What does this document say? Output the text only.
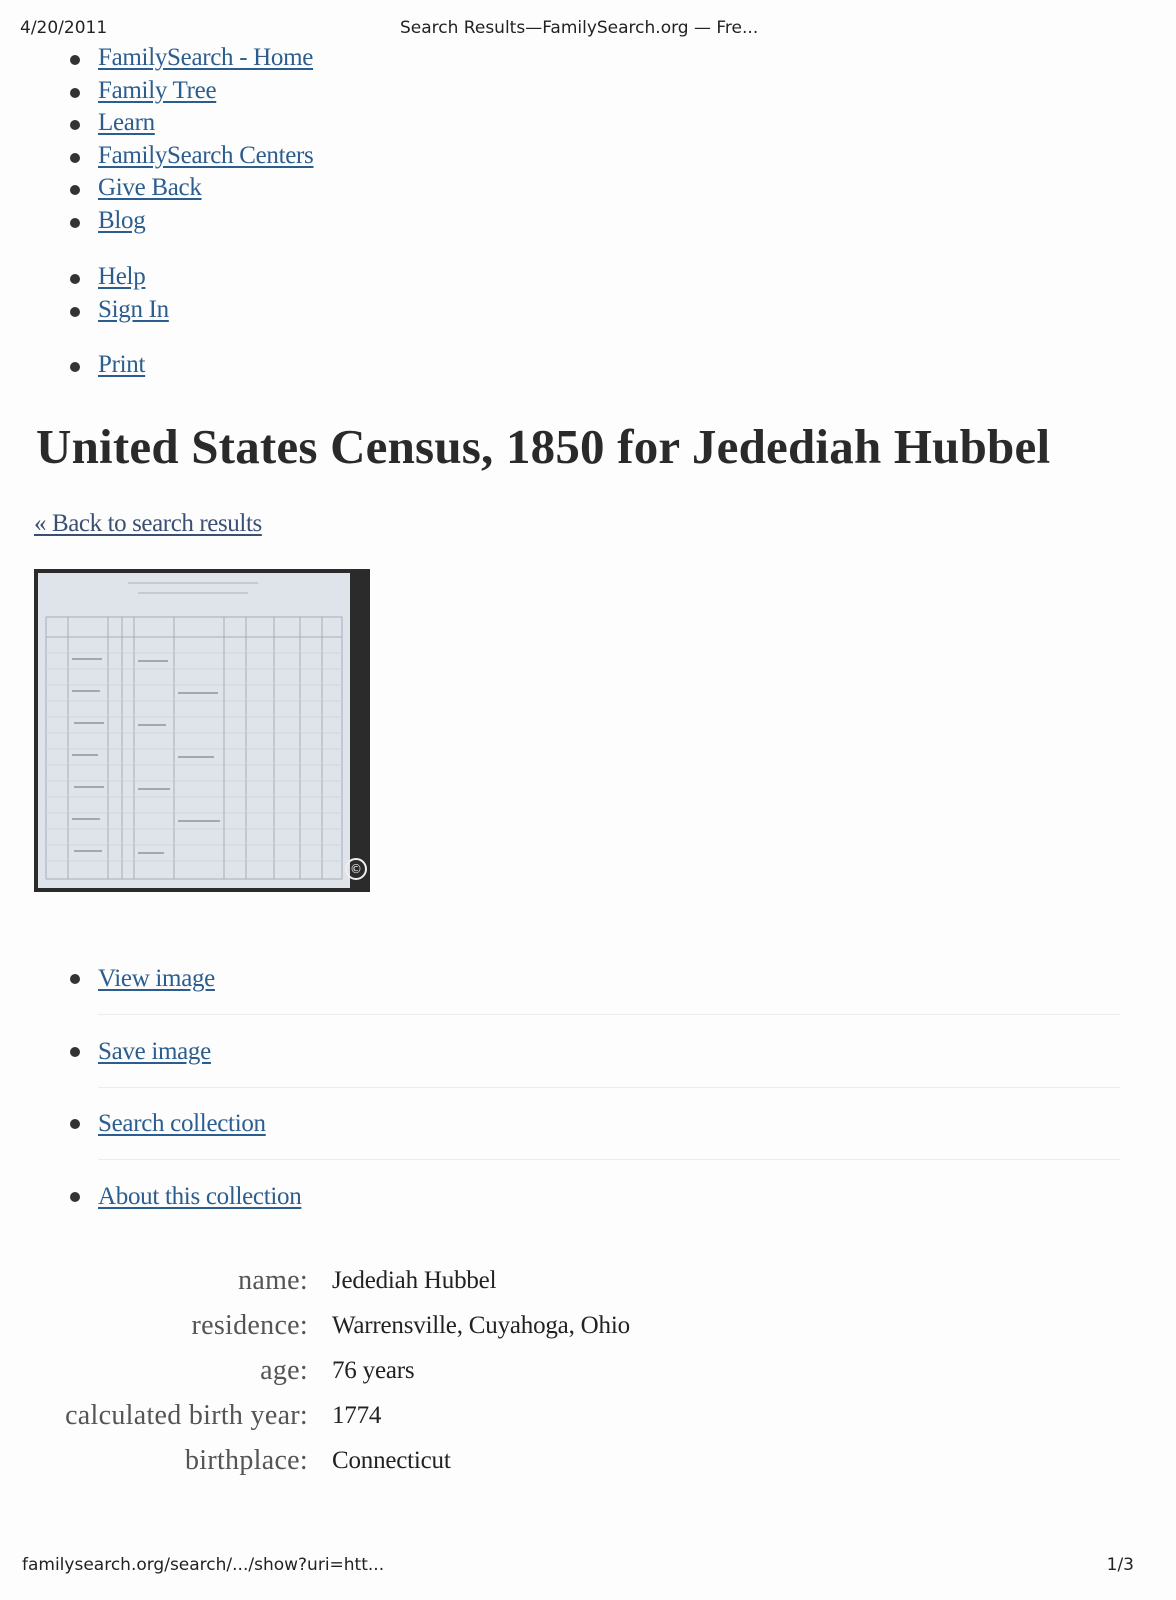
4/20/2011	Search Results—FamilySearch.org — Fre...
FamilySearch - Home
Family Tree
Learn
FamilySearch Centers
Give Back
Blog
Help
Sign In
Print
United States Census, 1850 for Jedediah Hubbel
« Back to search results
©
View image
Save image
Search collection
About this collection
name:	Jedediah Hubbel
residence:	Warrensville, Cuyahoga, Ohio
age:	76 years
calculated birth year:	1774
birthplace:	Connecticut
familysearch.org/search/.../show?uri=htt...	1/3
